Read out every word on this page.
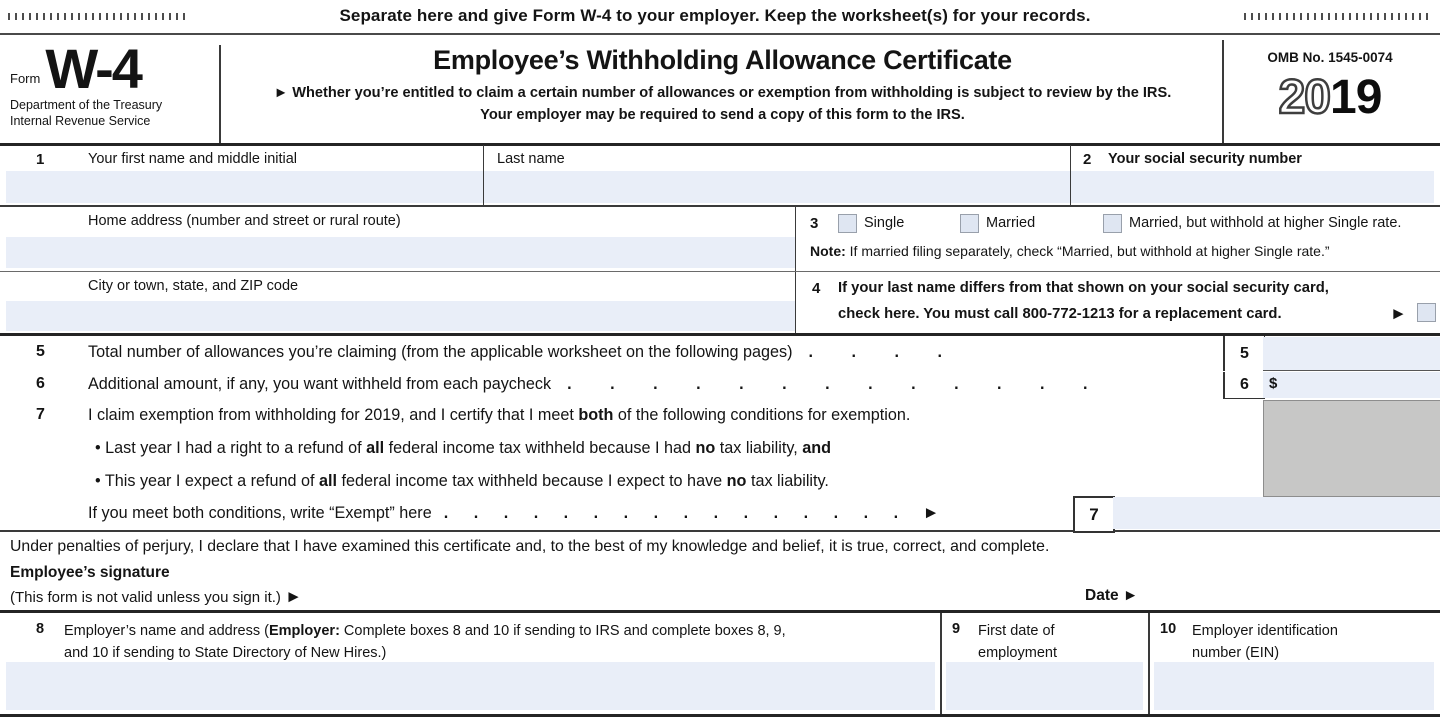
Separate here and give Form W-4 to your employer. Keep the worksheet(s) for your records.
Form W-4
Department of the Treasury
Internal Revenue Service
Employee’s Withholding Allowance Certificate
► Whether you’re entitled to claim a certain number of allowances or exemption from withholding is subject to review by the IRS. Your employer may be required to send a copy of this form to the IRS.
OMB No. 1545-0074
2019
1	Your first name and middle initial	Last name	2 Your social security number
Home address (number and street or rural route)	3	Single	Married	Married, but withhold at higher Single rate.
Note: If married filing separately, check “Married, but withhold at higher Single rate.”
City or town, state, and ZIP code	4 If your last name differs from that shown on your social security card,
check here. You must call 800-772-1213 for a replacement card.	►
5	Total number of allowances you’re claiming (from the applicable worksheet on the following pages) . . . .	5
6	Additional amount, if any, you want withheld from each paycheck . . . . . . . . . . . . .	6	$
7	I claim exemption from withholding for 2019, and I certify that I meet both of the following conditions for exemption.
• Last year I had a right to a refund of all federal income tax withheld because I had no tax liability, and
• This year I expect a refund of all federal income tax withheld because I expect to have no tax liability.
If you meet both conditions, write “Exempt” here . . . . . . . . . . . . . . . . ►	7
Under penalties of perjury, I declare that I have examined this certificate and, to the best of my knowledge and belief, it is true, correct, and complete.
Employee’s signature
(This form is not valid unless you sign it.) ►	Date ►
8 Employer’s name and address (Employer: Complete boxes 8 and 10 if sending to IRS and complete boxes 8, 9, and 10 if sending to State Directory of New Hires.)
9 First date of employment
10 Employer identification number (EIN)
